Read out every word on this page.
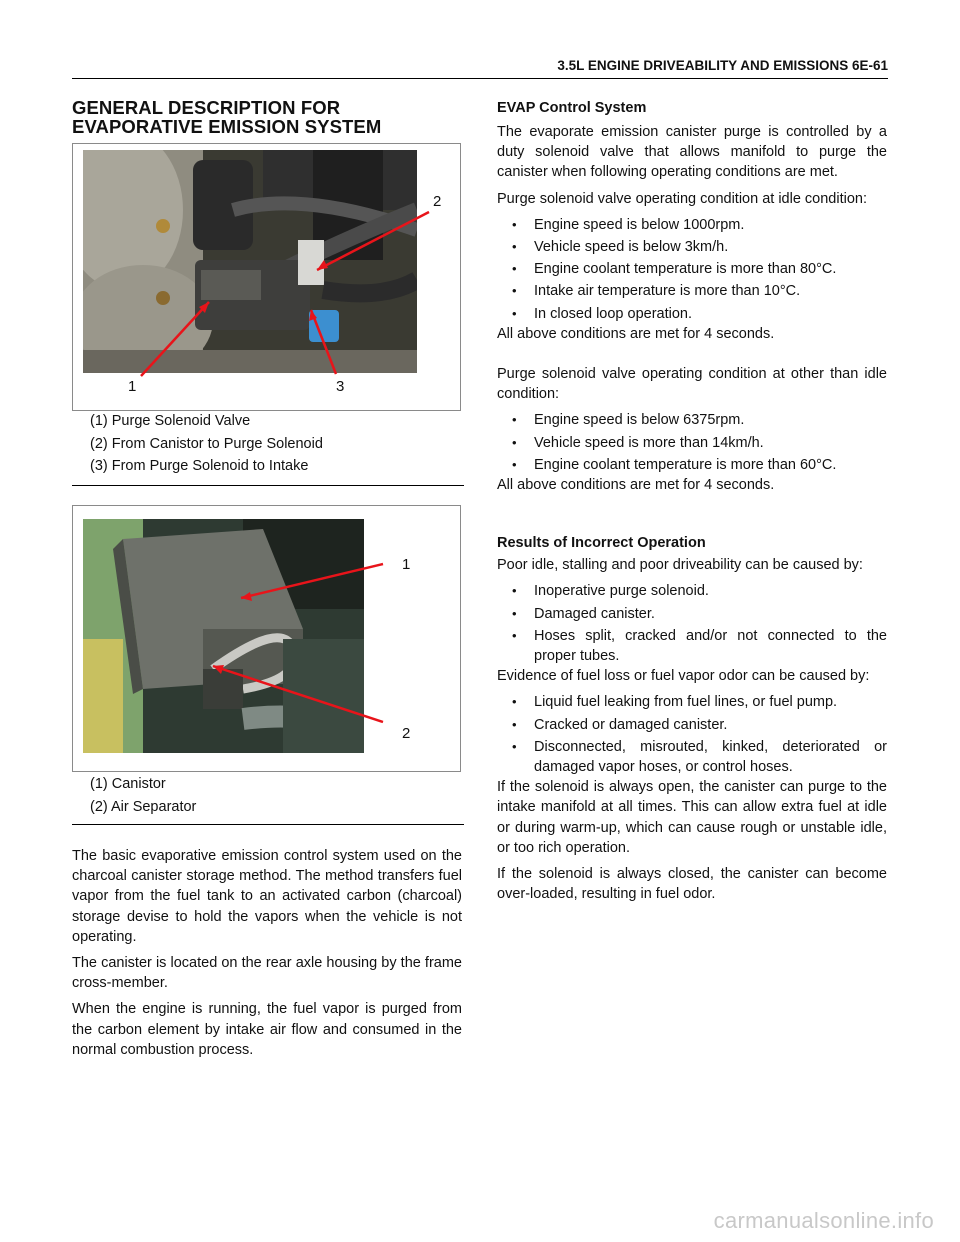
3.5L ENGINE DRIVEABILITY AND EMISSIONS 6E-61
GENERAL DESCRIPTION FOR
EVAPORATIVE EMISSION SYSTEM
1
2
3
(1) Purge Solenoid Valve
(2) From Canistor to Purge Solenoid
(3) From Purge Solenoid to Intake
1
2
(1) Canistor
(2) Air Separator

The basic evaporative emission control system used on the charcoal canister storage method. The method transfers fuel vapor from the fuel tank to an activated carbon (charcoal) storage devise to hold the vapors when the vehicle is not operating.

The canister is located on the rear axle housing by the frame cross-member.

When the engine is running, the fuel vapor is purged from the carbon element by intake air flow and consumed in the normal combustion process.

EVAP Control System

The evaporate emission canister purge is controlled by a duty solenoid valve that allows manifold to purge the canister when following operating conditions are met.

Purge solenoid valve operating condition at idle condition:

• Engine speed is below 1000rpm.
• Vehicle speed is below 3km/h.
• Engine coolant temperature is more than 80°C.
• Intake air temperature is more than 10°C.
• In closed loop operation.

All above conditions are met for 4 seconds.

Purge solenoid valve operating condition at other than idle condition:

• Engine speed is below 6375rpm.
• Vehicle speed is more than 14km/h.
• Engine coolant temperature is more than 60°C.

All above conditions are met for 4 seconds.

Results of Incorrect Operation

Poor idle, stalling and poor driveability can be caused by:

• Inoperative purge solenoid.
• Damaged canister.
• Hoses split, cracked and/or not connected to the proper tubes.

Evidence of fuel loss or fuel vapor odor can be caused by:

• Liquid fuel leaking from fuel lines, or fuel pump.
• Cracked or damaged canister.
• Disconnected, misrouted, kinked, deteriorated or damaged vapor hoses, or control hoses.

If the solenoid is always open, the canister can purge to the intake manifold at all times. This can allow extra fuel at idle or during warm-up, which can cause rough or unstable idle, or too rich operation.

If the solenoid is always closed, the canister can become over-loaded, resulting in fuel odor.

carmanualsonline.info
